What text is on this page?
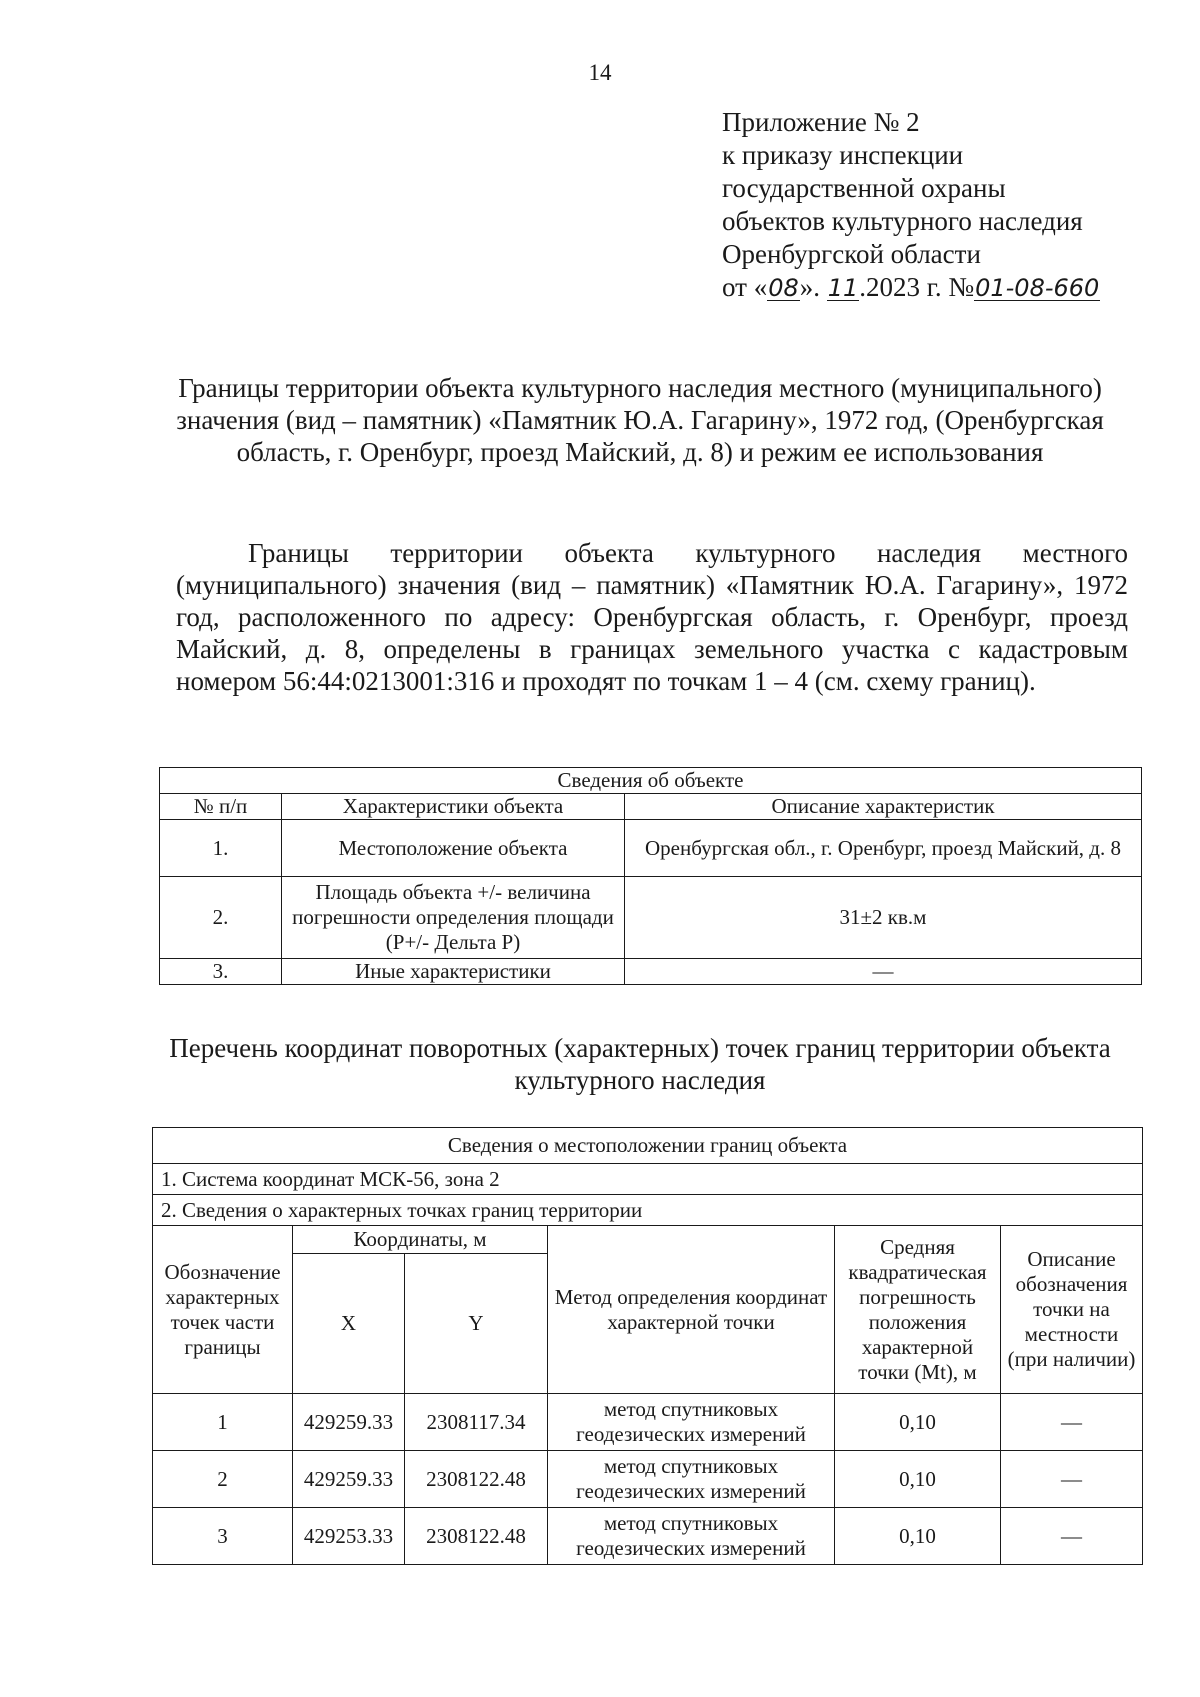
14
Приложение № 2
к приказу инспекции
государственной охраны
объектов культурного наследия
Оренбургской области
от «08». 11.2023 г. №01-08-660
Границы территории объекта культурного наследия местного (муниципального) значения (вид – памятник) «Памятник Ю.А. Гагарину», 1972 год, (Оренбургская область, г. Оренбург, проезд Майский, д. 8) и режим ее использования
Границы территории объекта культурного наследия местного (муниципального) значения (вид – памятник) «Памятник Ю.А. Гагарину», 1972 год, расположенного по адресу: Оренбургская область, г. Оренбург, проезд Майский, д. 8, определены в границах земельного участка с кадастровым номером 56:44:0213001:316 и проходят по точкам 1 – 4 (см. схему границ).
Сведения об объекте		
№ п/п	Характеристики объекта	Описание характеристик
1.	Местоположение объекта	Оренбургская обл., г. Оренбург, проезд Майский, д. 8
2.	Площадь объекта +/- величина погрешности определения площади (Р+/- Дельта Р)	31±2 кв.м
3.	Иные характеристики	—
Перечень координат поворотных (характерных) точек границ территории объекта культурного наследия
Сведения о местоположении границ объекта					
1. Система координат МСК-56, зона 2					
2. Сведения о характерных точках границ территории					
Обозначение характерных точек части границы	Координаты, м		Метод определения координат характерной точки	Средняя квадратическая погрешность положения характерной точки (Mt), м	Описание обозначения точки на местности (при наличии)
	X	Y			
1	429259.33	2308117.34	метод спутниковых геодезических измерений	0,10	—
2	429259.33	2308122.48	метод спутниковых геодезических измерений	0,10	—
3	429253.33	2308122.48	метод спутниковых геодезических измерений	0,10	—
